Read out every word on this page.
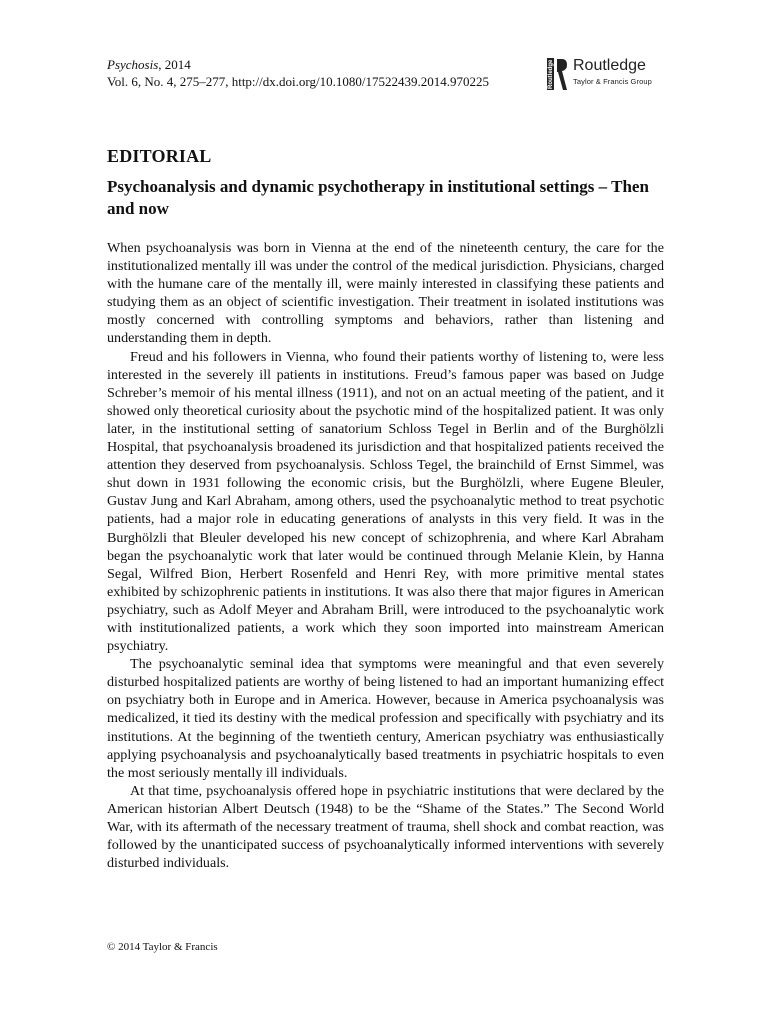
Psychosis, 2014
Vol. 6, No. 4, 275–277, http://dx.doi.org/10.1080/17522439.2014.970225	Routledge Routledge
Taylor & Francis Group
EDITORIAL
Psychoanalysis and dynamic psychotherapy in institutional settings – Then and now

When psychoanalysis was born in Vienna at the end of the nineteenth century, the care for the institutionalized mentally ill was under the control of the medical jurisdiction. Physicians, charged with the humane care of the mentally ill, were mainly interested in classifying these patients and studying them as an object of scientific investigation. Their treatment in isolated institutions was mostly concerned with controlling symptoms and behaviors, rather than listening and understanding them in depth.

Freud and his followers in Vienna, who found their patients worthy of listening to, were less interested in the severely ill patients in institutions. Freud’s famous paper was based on Judge Schreber’s memoir of his mental illness (1911), and not on an actual meeting of the patient, and it showed only theoretical curiosity about the psychotic mind of the hospitalized patient. It was only later, in the institutional setting of sanatorium Schloss Tegel in Berlin and of the Burghölzli Hospital, that psychoanalysis broadened its jurisdiction and that hospitalized patients received the attention they deserved from psychoanalysis. Schloss Tegel, the brainchild of Ernst Simmel, was shut down in 1931 following the economic crisis, but the Burghölzli, where Eugene Bleuler, Gustav Jung and Karl Abraham, among others, used the psychoanalytic method to treat psychotic patients, had a major role in educating generations of analysts in this very field. It was in the Burghölzli that Bleuler developed his new concept of schizophrenia, and where Karl Abraham began the psychoanalytic work that later would be continued through Melanie Klein, by Hanna Segal, Wilfred Bion, Herbert Rosenfeld and Henri Rey, with more primitive mental states exhibited by schizophrenic patients in institutions. It was also there that major figures in American psychiatry, such as Adolf Meyer and Abraham Brill, were introduced to the psychoanalytic work with institutionalized patients, a work which they soon imported into mainstream American psychiatry.

The psychoanalytic seminal idea that symptoms were meaningful and that even severely disturbed hospitalized patients are worthy of being listened to had an important humanizing effect on psychiatry both in Europe and in America. However, because in America psychoanalysis was medicalized, it tied its destiny with the medical profession and specifically with psychiatry and its institutions. At the beginning of the twentieth century, American psychiatry was enthusiastically applying psychoanalysis and psychoanalytically based treatments in psychiatric hospitals to even the most seriously mentally ill individuals.

At that time, psychoanalysis offered hope in psychiatric institutions that were declared by the American historian Albert Deutsch (1948) to be the “Shame of the States.” The Second World War, with its aftermath of the necessary treatment of trauma, shell shock and combat reaction, was followed by the unanticipated success of psychoanalytically informed interventions with severely disturbed individuals.

© 2014 Taylor & Francis
